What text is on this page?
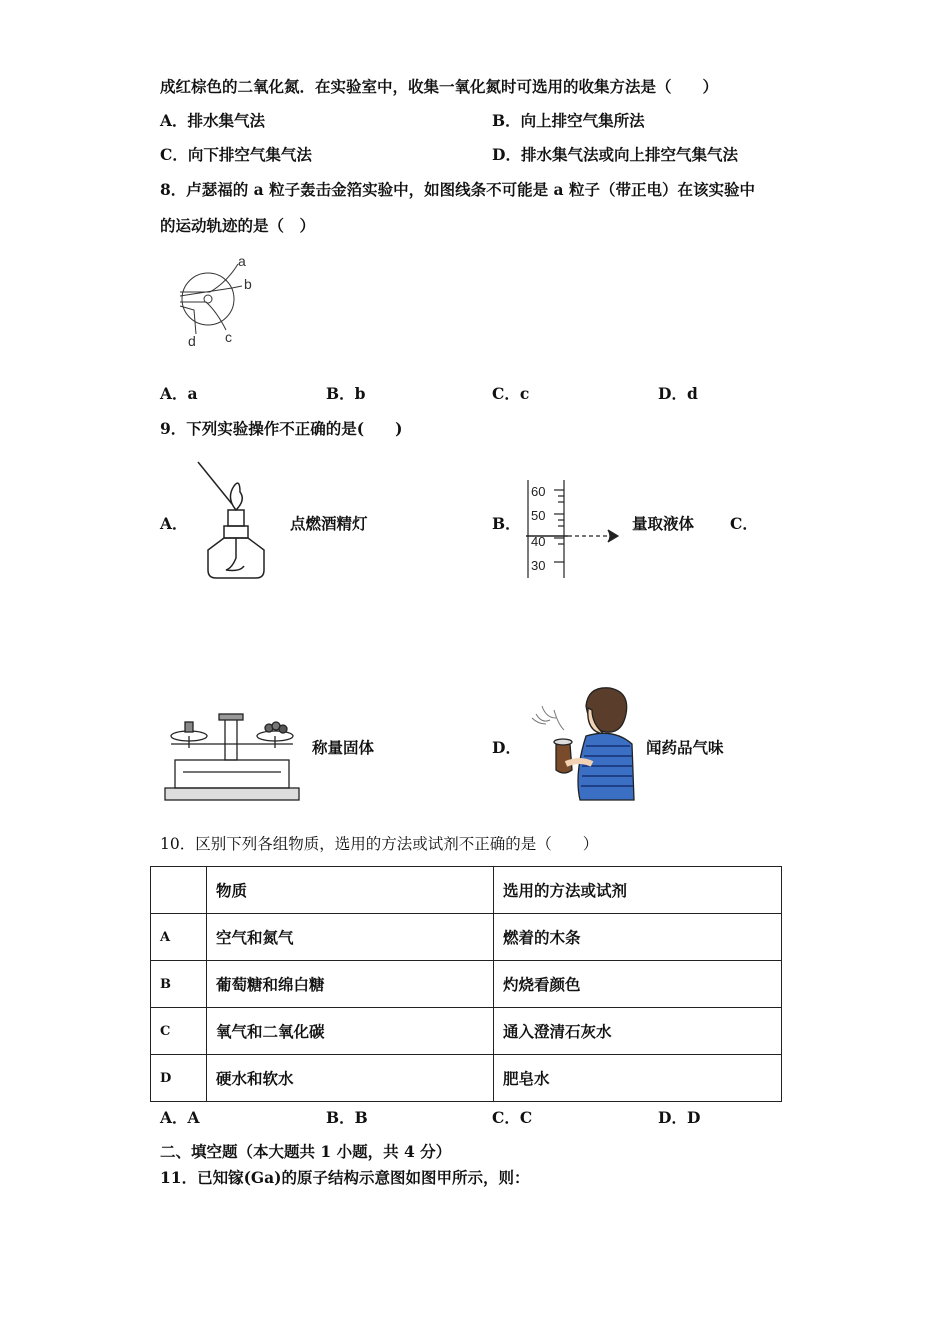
成红棕色的二氧化氮．在实验室中，收集一氧化氮时可选用的收集方法是（　　）
A．排水集气法	B．向上排空气集所法
C．向下排空气集气法	D．排水集气法或向上排空气集气法
8．卢瑟福的 a 粒子轰击金箔实验中，如图线条不可能是 a 粒子（带正电）在该实验中
的运动轨迹的是（　）
a
b
c
d
A．a	B．b	C．c	D．d
9．下列实验操作不正确的是(　　)
A．	点燃酒精灯	B．
60
50
40
30
量取液体 C．
称量固体	D．	闻药品气味
10．区别下列各组物质，选用的方法或试剂不正确的是（　　）
	物质	选用的方法或试剂
A	空气和氮气	燃着的木条
B	葡萄糖和绵白糖	灼烧看颜色
C	氧气和二氧化碳	通入澄清石灰水
D	硬水和软水	肥皂水
A．A	B．B	C．C	D．D
二、填空题（本大题共 1 小题，共 4 分）
11．已知镓(Ga)的原子结构示意图如图甲所示，则：
